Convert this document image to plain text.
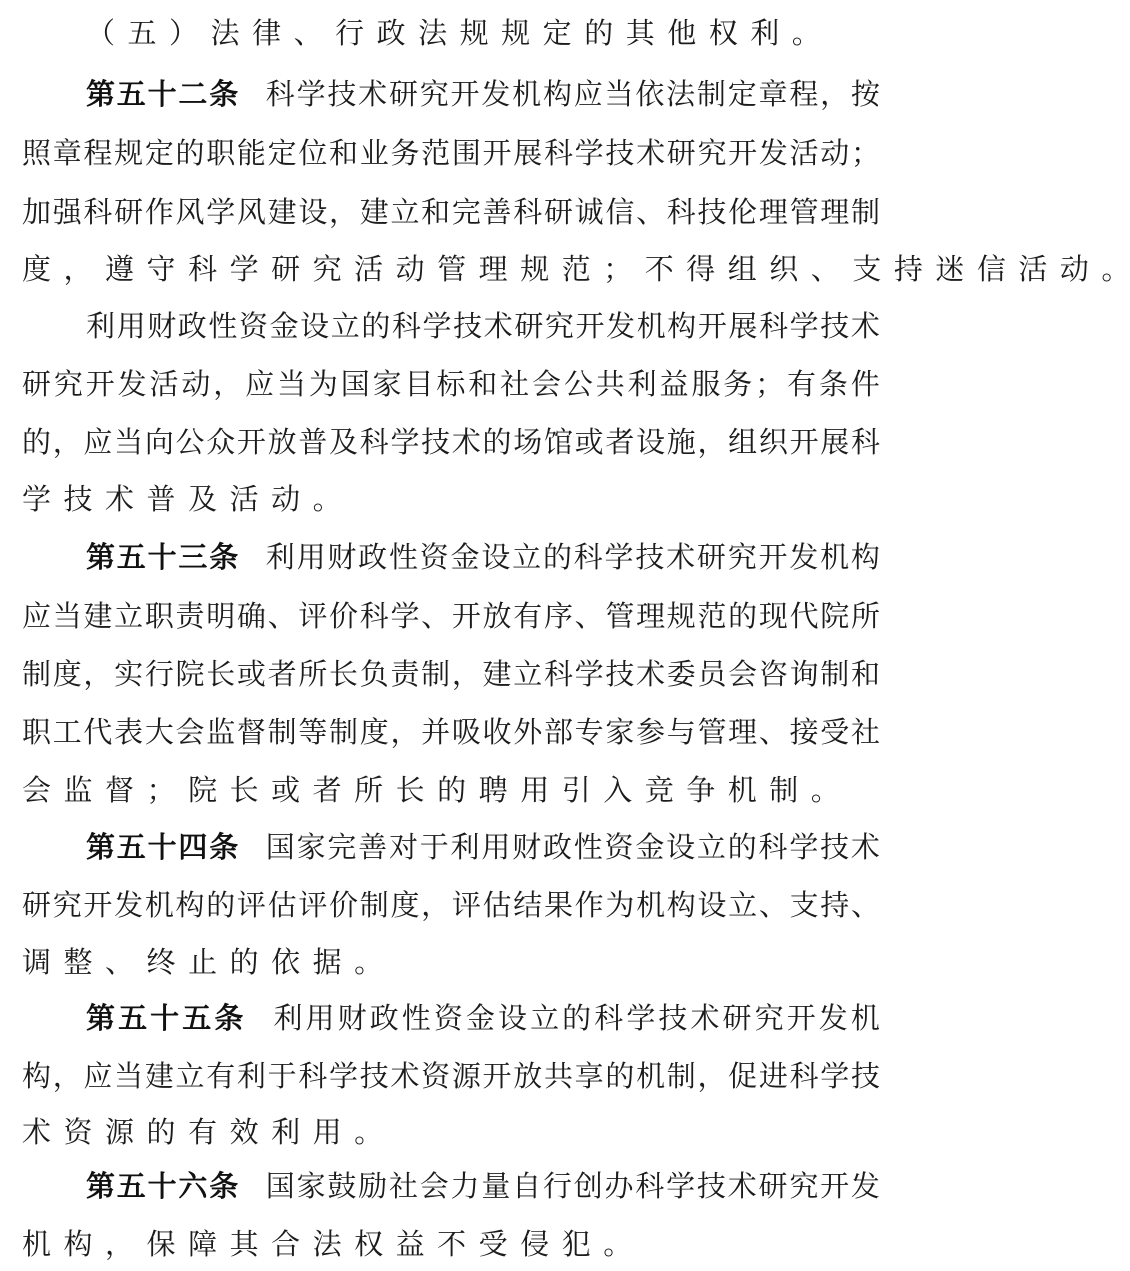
（ 五 ） 法 律 、 行 政 法 规 规 定 的 其 他 权 利 。
第 五 十 二 条 科 学 技 术 研 究 开 发 机 构 应 当 依 法 制 定 章 程 ， 按
照 章 程 规 定 的 职 能 定 位 和 业 务 范 围 开 展 科 学 技 术 研 究 开 发 活 动 ；
加 强 科 研 作 风 学 风 建 设 ， 建 立 和 完 善 科 研 诚 信 、 科 技 伦 理 管 理 制
度 ， 遵 守 科 学 研 究 活 动 管 理 规 范 ； 不 得 组 织 、 支 持 迷 信 活 动 。
利 用 财 政 性 资 金 设 立 的 科 学 技 术 研 究 开 发 机 构 开 展 科 学 技 术
研 究 开 发 活 动 ， 应 当 为 国 家 目 标 和 社 会 公 共 利 益 服 务 ； 有 条 件
的 ， 应 当 向 公 众 开 放 普 及 科 学 技 术 的 场 馆 或 者 设 施 ， 组 织 开 展 科
学 技 术 普 及 活 动 。
第 五 十 三 条 利 用 财 政 性 资 金 设 立 的 科 学 技 术 研 究 开 发 机 构
应 当 建 立 职 责 明 确 、 评 价 科 学 、 开 放 有 序 、 管 理 规 范 的 现 代 院 所
制 度 ， 实 行 院 长 或 者 所 长 负 责 制 ， 建 立 科 学 技 术 委 员 会 咨 询 制 和
职 工 代 表 大 会 监 督 制 等 制 度 ， 并 吸 收 外 部 专 家 参 与 管 理 、 接 受 社
会 监 督 ； 院 长 或 者 所 长 的 聘 用 引 入 竞 争 机 制 。
第 五 十 四 条 国 家 完 善 对 于 利 用 财 政 性 资 金 设 立 的 科 学 技 术
研 究 开 发 机 构 的 评 估 评 价 制 度 ， 评 估 结 果 作 为 机 构 设 立 、 支 持 、
调 整 、 终 止 的 依 据 。
第 五 十 五 条 利 用 财 政 性 资 金 设 立 的 科 学 技 术 研 究 开 发 机
构 ， 应 当 建 立 有 利 于 科 学 技 术 资 源 开 放 共 享 的 机 制 ， 促 进 科 学 技
术 资 源 的 有 效 利 用 。
第 五 十 六 条 国 家 鼓 励 社 会 力 量 自 行 创 办 科 学 技 术 研 究 开 发
机 构 ， 保 障 其 合 法 权 益 不 受 侵 犯 。
